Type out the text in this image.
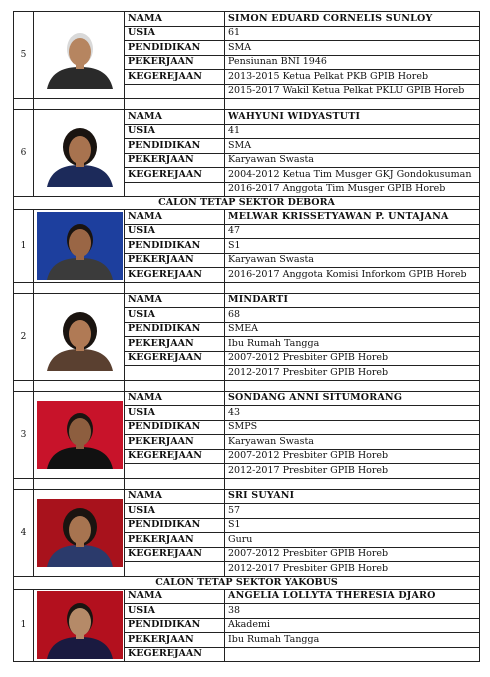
5		NAMA	SIMON EDUARD CORNELIS SUNLOY
		USIA	61
		PENDIDIKAN	SMA
		PEKERJAAN	Pensiunan BNI 1946
		KEGEREJAAN	2013-2015 Ketua Pelkat PKB GPIB Horeb
			2015-2017 Wakil Ketua Pelkat PKLU GPIB Horeb

6		NAMA	WAHYUNI WIDYASTUTI
		USIA	41
		PENDIDIKAN	SMA
		PEKERJAAN	Karyawan Swasta
		KEGEREJAAN	2004-2012 Ketua Tim Musger GKJ Gondokusuman
			2016-2017 Anggota Tim Musger GPIB Horeb
CALON TETAP SEKTOR DEBORA			
1		NAMA	MELWAR KRISSETYAWAN P. UNTAJANA
		USIA	47
		PENDIDIKAN	S1
		PEKERJAAN	Karyawan Swasta
		KEGEREJAAN	2016-2017 Anggota Komisi Inforkom GPIB Horeb

2		NAMA	MINDARTI
		USIA	68
		PENDIDIKAN	SMEA
		PEKERJAAN	Ibu Rumah Tangga
		KEGEREJAAN	2007-2012 Presbiter GPIB Horeb
			2012-2017 Presbiter GPIB Horeb

3		NAMA	SONDANG ANNI SITUMORANG
		USIA	43
		PENDIDIKAN	SMPS
		PEKERJAAN	Karyawan Swasta
		KEGEREJAAN	2007-2012 Presbiter GPIB Horeb
			2012-2017 Presbiter GPIB Horeb

4		NAMA	SRI SUYANI
		USIA	57
		PENDIDIKAN	S1
		PEKERJAAN	Guru
		KEGEREJAAN	2007-2012 Presbiter GPIB Horeb
			2012-2017 Presbiter GPIB Horeb
CALON TETAP SEKTOR YAKOBUS			
1		NAMA	ANGELIA LOLLYTA THERESIA DJARO
		USIA	38
		PENDIDIKAN	Akademi
		PEKERJAAN	Ibu Rumah Tangga
		KEGEREJAAN	
